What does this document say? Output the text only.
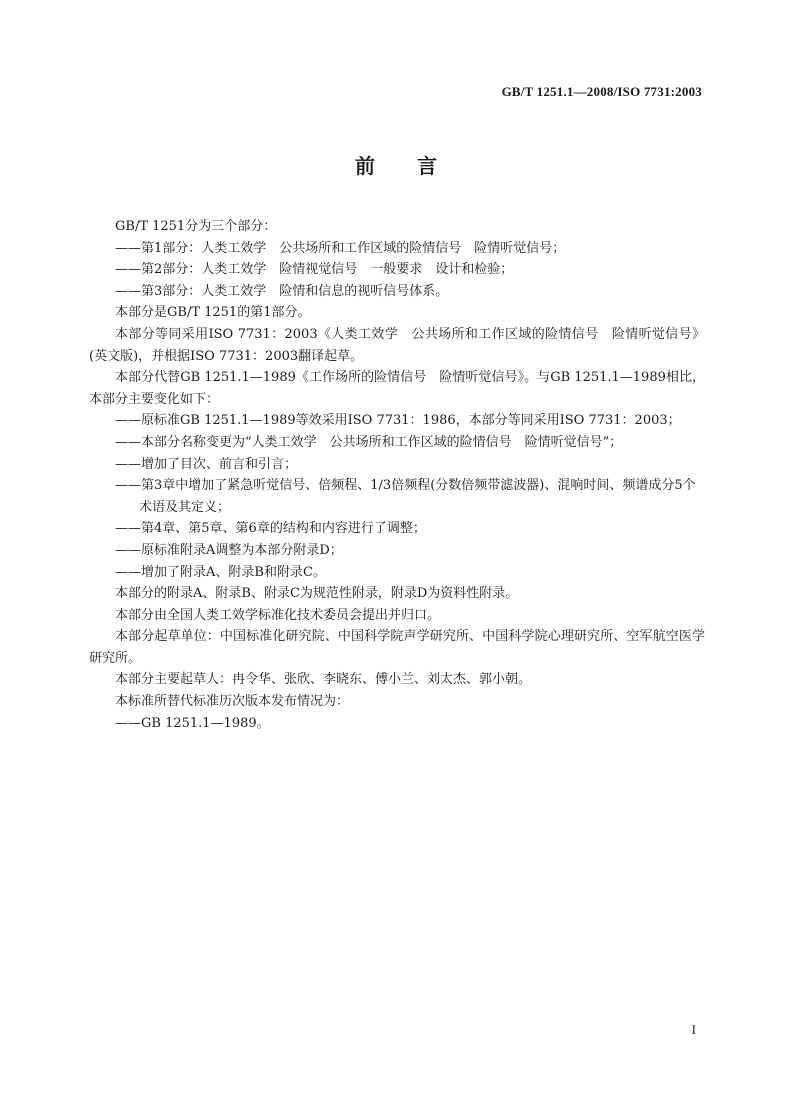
GB/T 1251.1—2008/ISO 7731:2003
前 言

GB/T 1251分为三个部分：

——第1部分：人类工效学　公共场所和工作区域的险情信号　险情听觉信号；

——第2部分：人类工效学　险情视觉信号　一般要求　设计和检验；

——第3部分：人类工效学　险情和信息的视听信号体系。

本部分是GB/T 1251的第1部分。

本部分等同采用ISO 7731：2003《人类工效学　公共场所和工作区域的险情信号　险情听觉信号》(英文版)，并根据ISO 7731：2003翻译起草。

本部分代替GB 1251.1—1989《工作场所的险情信号　险情听觉信号》。与GB 1251.1—1989相比，本部分主要变化如下：

——原标准GB 1251.1—1989等效采用ISO 7731：1986，本部分等同采用ISO 7731：2003；

——本部分名称变更为“人类工效学　公共场所和工作区域的险情信号　险情听觉信号”；

——增加了目次、前言和引言；

——第3章中增加了紧急听觉信号、倍频程、1/3倍频程(分数倍频带滤波器)、混响时间、频谱成分5个术语及其定义；

——第4章、第5章、第6章的结构和内容进行了调整；

——原标准附录A调整为本部分附录D；

——增加了附录A、附录B和附录C。

本部分的附录A、附录B、附录C为规范性附录，附录D为资料性附录。

本部分由全国人类工效学标准化技术委员会提出并归口。

本部分起草单位：中国标准化研究院、中国科学院声学研究所、中国科学院心理研究所、空军航空医学研究所。

本部分主要起草人：冉令华、张欣、李晓东、傅小兰、刘太杰、郭小朝。

本标准所替代标准历次版本发布情况为：

——GB 1251.1—1989。

I
